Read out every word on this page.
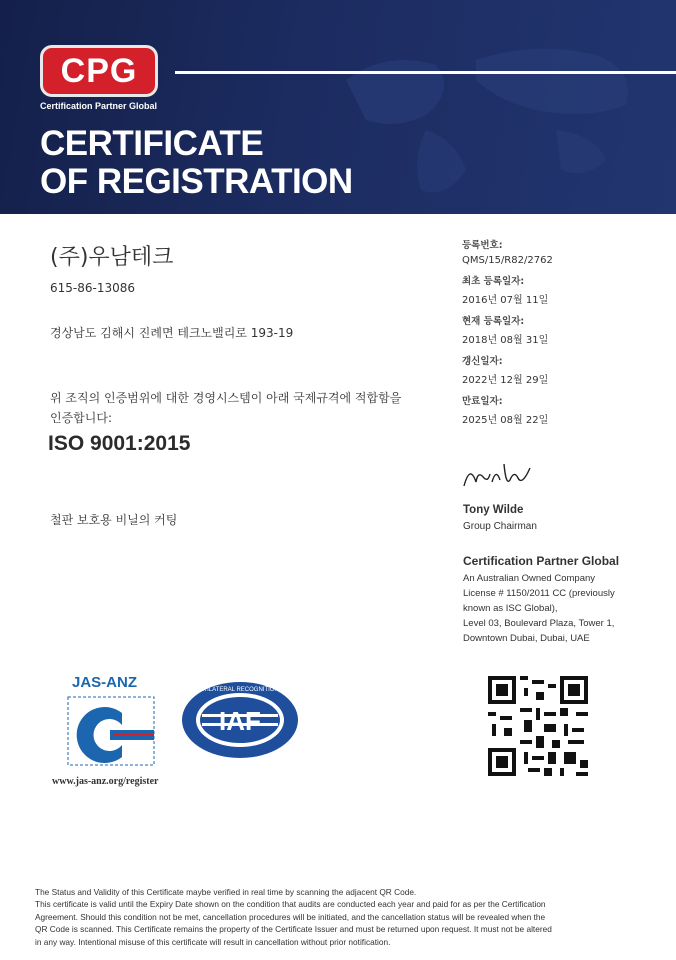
CPG
Certification Partner Global
CERTIFICATE
OF REGISTRATION
(주)우남테크
615-86-13086
경상남도 김해시 진례면 테크노밸리로 193-19
위 조직의 인증범위에 대한 경영시스템이 아래 국제규격에 적합함을
인증합니다:
ISO 9001:2015
철판 보호용 비닐의 커팅
등록번호:
QMS/15/R82/2762
최초 등록일자:
2016년 07월 11일
현재 등록일자:
2018년 08월 31일
갱신일자:
2022년 12월 29일
만료일자:
2025년 08월 22일
Tony Wilde
Group Chairman
Certification Partner Global
An Australian Owned Company
License # 1150/2011 CC (previously
known as ISC Global),
Level 03, Boulevard Plaza, Tower 1,
Downtown Dubai, Dubai, UAE
JAS-ANZ
www.jas-anz.org/register
IAF
MEMBER OF MULTILATERAL RECOGNITION ARRANGEMENT
The Status and Validity of this Certificate maybe verified in real time by scanning the adjacent QR Code.
This certificate is valid until the Expiry Date shown on the condition that audits are conducted each year and paid for as per the Certification
Agreement. Should this condition not be met, cancellation procedures will be initiated, and the cancellation status will be revealed when the
QR Code is scanned. This Certificate remains the property of the Certificate Issuer and must be returned upon request. It must not be altered
in any way. Intentional misuse of this certificate will result in cancellation without prior notification.
